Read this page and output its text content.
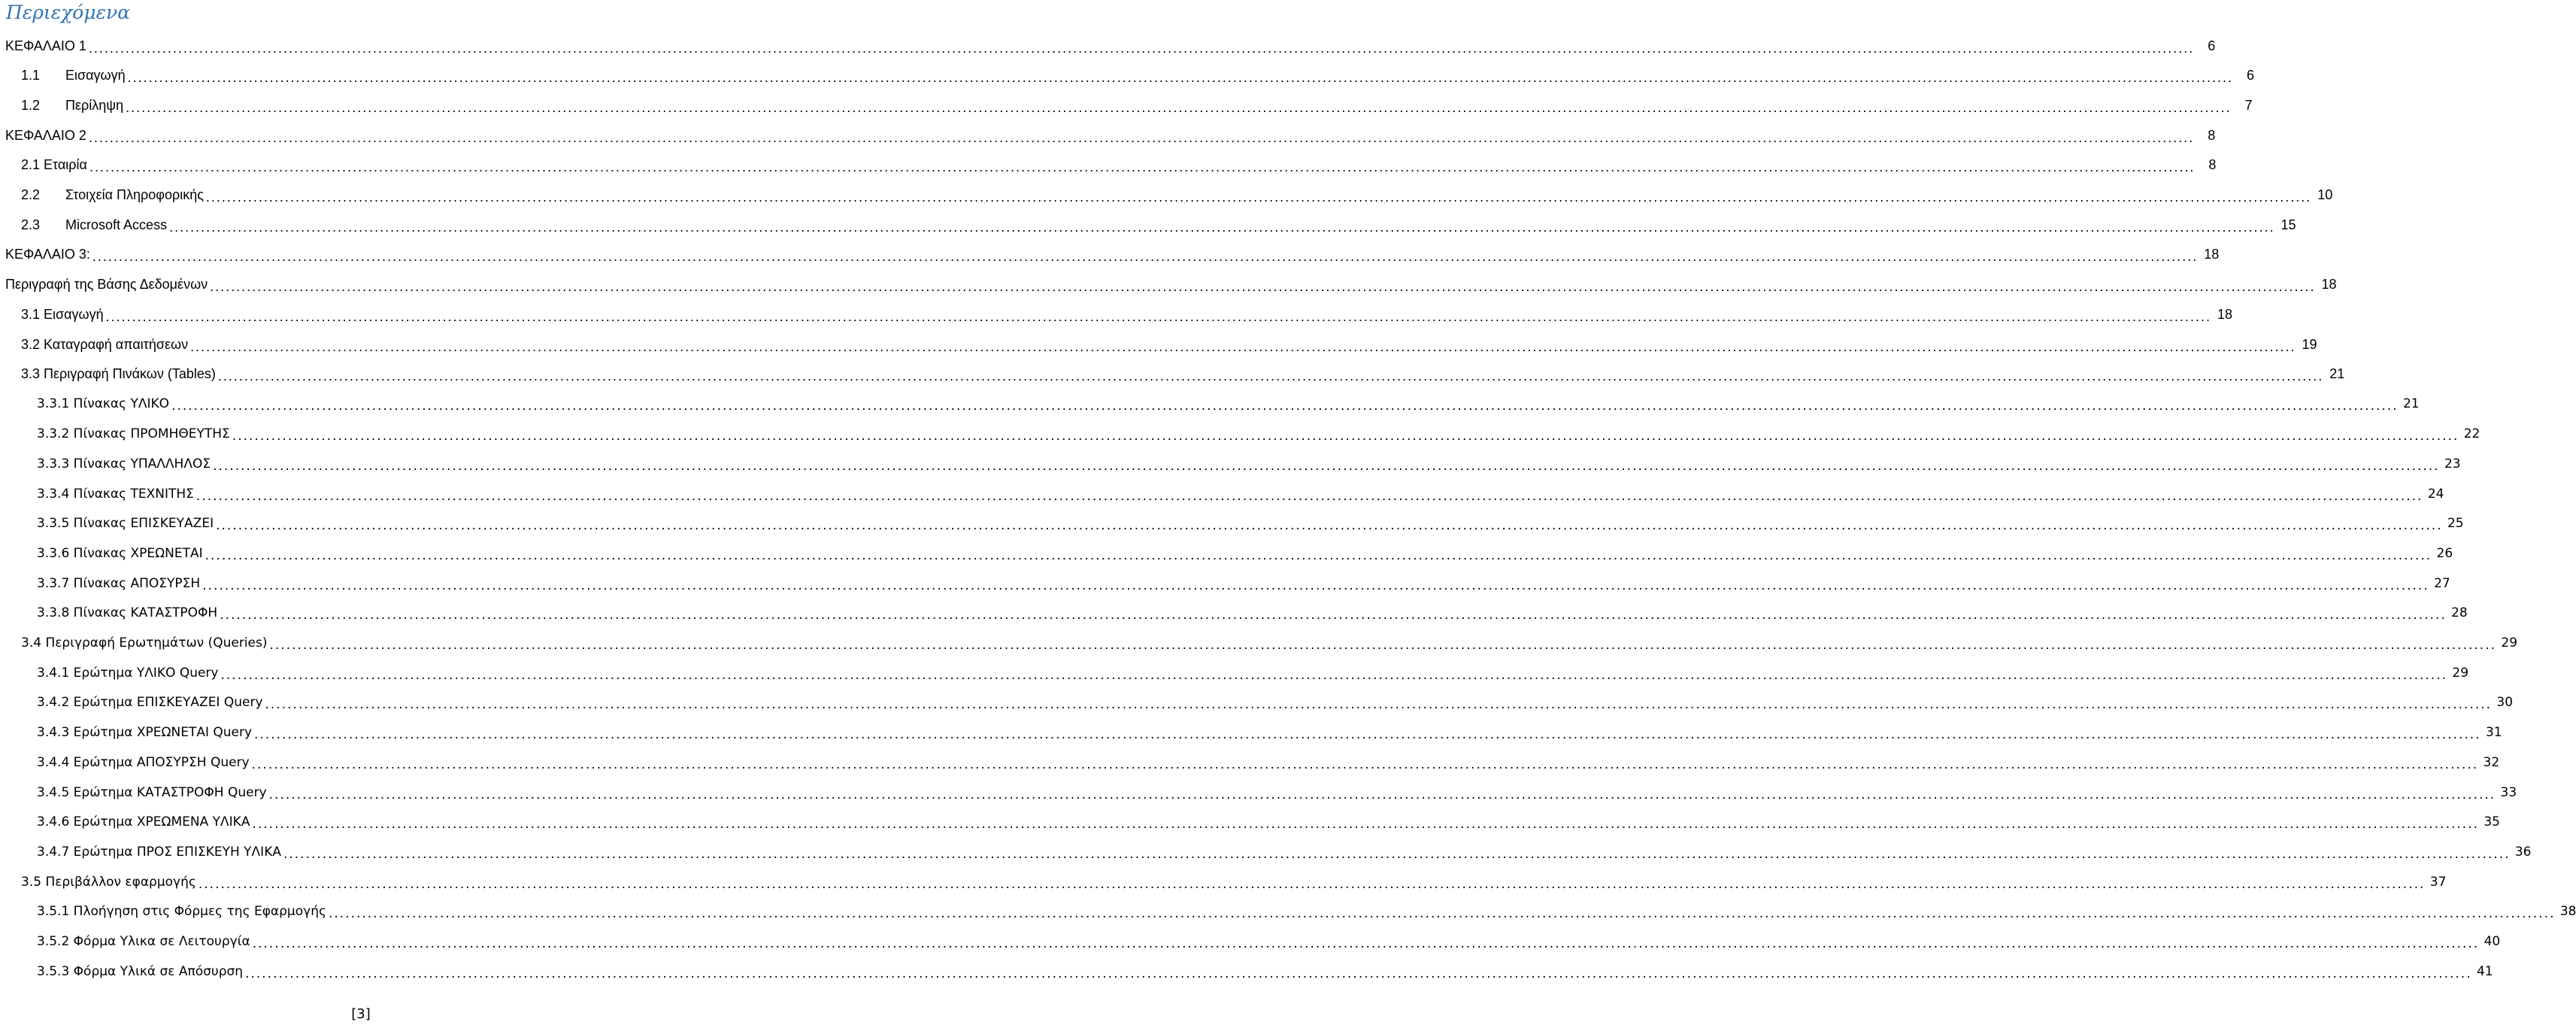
Περιεχόμενα
ΚΕΦΑΛΑΙΟ 1 ................................................................................................................................................................................................................................................................................................................................................................................................................ 6
1.1 Εισαγωγή ................................................................................................................................................................................................................................................................................................................................................................................................................ 6
1.2 Περίληψη ................................................................................................................................................................................................................................................................................................................................................................................................................ 7
ΚΕΦΑΛΑΙΟ 2 ................................................................................................................................................................................................................................................................................................................................................................................................................ 8
2.1 Εταιρία ................................................................................................................................................................................................................................................................................................................................................................................................................ 8
2.2 Στοιχεία Πληροφορικής ................................................................................................................................................................................................................................................................................................................................................................................................................ 10
2.3 Microsoft Access ................................................................................................................................................................................................................................................................................................................................................................................................................ 15
ΚΕΦΑΛΑΙΟ 3: ................................................................................................................................................................................................................................................................................................................................................................................................................ 18
Περιγραφή της Βάσης Δεδομένων ................................................................................................................................................................................................................................................................................................................................................................................................................ 18
3.1 Εισαγωγή ................................................................................................................................................................................................................................................................................................................................................................................................................ 18
3.2 Καταγραφή απαιτήσεων ................................................................................................................................................................................................................................................................................................................................................................................................................ 19
3.3 Περιγραφή Πινάκων (Tables) ................................................................................................................................................................................................................................................................................................................................................................................................................ 21
3.3.1 Πίνακας ΥΛΙΚΟ ................................................................................................................................................................................................................................................................................................................................................................................................................ 21
3.3.2 Πίνακας ΠΡΟΜΗΘΕΥΤΗΣ ................................................................................................................................................................................................................................................................................................................................................................................................................ 22
3.3.3 Πίνακας ΥΠΑΛΛΗΛΟΣ ................................................................................................................................................................................................................................................................................................................................................................................................................ 23
3.3.4 Πίνακας ΤΕΧΝΙΤΗΣ ................................................................................................................................................................................................................................................................................................................................................................................................................ 24
3.3.5 Πίνακας ΕΠΙΣΚΕΥΑΖΕΙ ................................................................................................................................................................................................................................................................................................................................................................................................................ 25
3.3.6 Πίνακας ΧΡΕΩΝΕΤΑΙ ................................................................................................................................................................................................................................................................................................................................................................................................................ 26
3.3.7 Πίνακας ΑΠΟΣΥΡΣΗ ................................................................................................................................................................................................................................................................................................................................................................................................................ 27
3.3.8 Πίνακας ΚΑΤΑΣΤΡΟΦΗ ................................................................................................................................................................................................................................................................................................................................................................................................................ 28
3.4 Περιγραφή Ερωτημάτων (Queries) ................................................................................................................................................................................................................................................................................................................................................................................................................ 29
3.4.1 Ερώτημα ΥΛΙΚΟ Query ................................................................................................................................................................................................................................................................................................................................................................................................................ 29
3.4.2 Ερώτημα ΕΠΙΣΚΕΥΑΖΕΙ Query ................................................................................................................................................................................................................................................................................................................................................................................................................ 30
3.4.3 Ερώτημα ΧΡΕΩΝΕΤΑΙ Query ................................................................................................................................................................................................................................................................................................................................................................................................................ 31
3.4.4 Ερώτημα ΑΠΟΣΥΡΣΗ Query ................................................................................................................................................................................................................................................................................................................................................................................................................ 32
3.4.5 Ερώτημα ΚΑΤΑΣΤΡΟΦΗ Query ................................................................................................................................................................................................................................................................................................................................................................................................................ 33
3.4.6 Ερώτημα ΧΡΕΩΜΕΝΑ ΥΛΙΚΑ ................................................................................................................................................................................................................................................................................................................................................................................................................ 35
3.4.7 Ερώτημα ΠΡΟΣ ΕΠΙΣΚΕΥΗ ΥΛΙΚΑ ................................................................................................................................................................................................................................................................................................................................................................................................................ 36
3.5 Περιβάλλον εφαρμογής ................................................................................................................................................................................................................................................................................................................................................................................................................ 37
3.5.1 Πλοήγηση στις Φόρμες της Εφαρμογής ................................................................................................................................................................................................................................................................................................................................................................................................................ 38
3.5.2 Φόρμα Υλικα σε Λειτουργία ................................................................................................................................................................................................................................................................................................................................................................................................................ 40
3.5.3 Φόρμα Υλικά σε Απόσυρση ................................................................................................................................................................................................................................................................................................................................................................................................................ 41
[3]
